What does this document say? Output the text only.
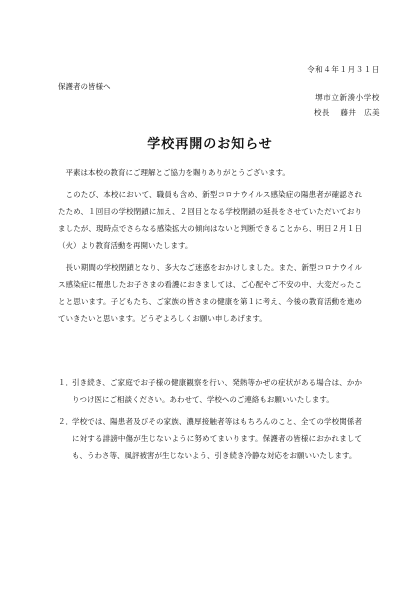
令和４年１月３１日
保護者の皆様へ
堺市立新湊小学校
校長　 藤井　広美
学校再開のお知らせ

平素は本校の教育にご理解とご協力を賜りありがとうございます。

このたび、本校において、職員も含め、新型コロナウイルス感染症の陽患者が確認されたため、１回目の学校閉鎖に加え、２回目となる学校閉鎖の延長をさせていただいておりましたが、現時点でさらなる感染拡大の傾向はないと判断できることから、明日２月１日（火）より教育活動を再開いたします。

長い期間の学校閉鎖となり、多大なご迷惑をおかけしました。また、新型コロナウイルス感染症に罹患したお子さまの看護におきましては、ご心配やご不安の中、大変だったことと思います。子どもたち、ご家族の皆さまの健康を第１に考え、今後の教育活動を進めていきたいと思います。どうぞよろしくお願い申しあげます。

１． 引き続き、ご家庭でお子様の健康観察を行い、発熱等かぜの症状がある場合は、かかりつけ医にご相談ください。あわせて、学校へのご連絡もお願いいたします。
２． 学校では、陽患者及びその家族、濃厚接触者等はもちろんのこと、全ての学校関係者に対する誹謗中傷が生じないように努めてまいります。保護者の皆様におかれましても、うわさ等、風評被害が生じないよう、引き続き冷静な対応をお願いいたします。
